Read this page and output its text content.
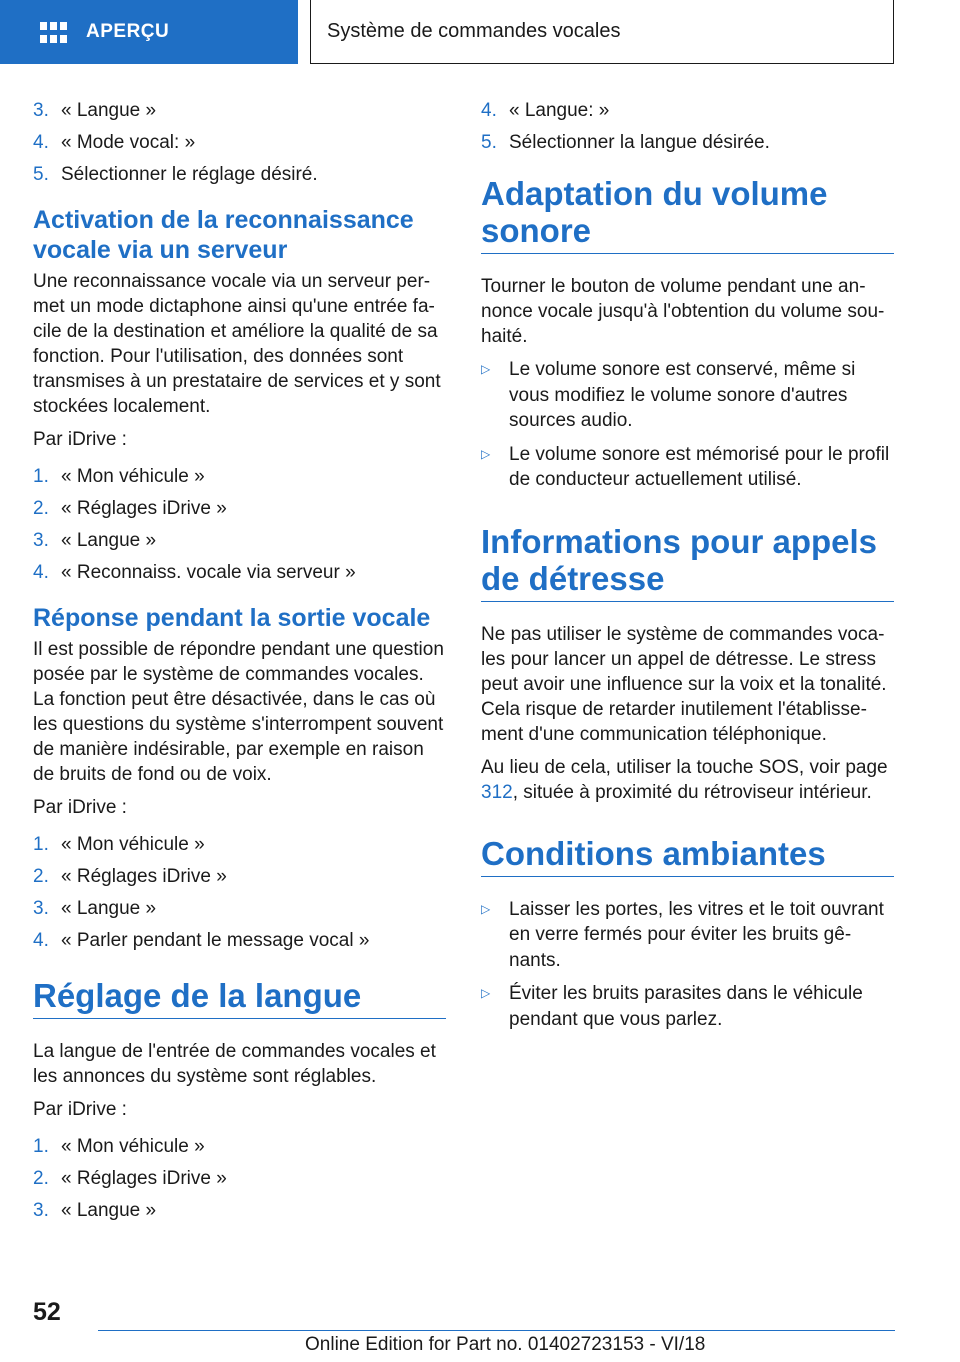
APERÇU	Système de commandes vocales
3. « Langue »
4. « Mode vocal: »
5. Sélectionner le réglage désiré.
Activation de la reconnaissance vocale via un serveur

Une reconnaissance vocale via un serveur permet un mode dictaphone ainsi qu'une entrée facile de la destination et améliore la qualité de sa fonction. Pour l'utilisation, des données sont transmises à un prestataire de services et y sont stockées localement.

Par iDrive :

1. « Mon véhicule »
2. « Réglages iDrive »
3. « Langue »
4. « Reconnaiss. vocale via serveur »
Réponse pendant la sortie vocale

Il est possible de répondre pendant une question posée par le système de commandes vocales. La fonction peut être désactivée, dans le cas où les questions du système s'interrompent souvent de manière indésirable, par exemple en raison de bruits de fond ou de voix.

Par iDrive :

1. « Mon véhicule »
2. « Réglages iDrive »
3. « Langue »
4. « Parler pendant le message vocal »
Réglage de la langue

La langue de l'entrée de commandes vocales et les annonces du système sont réglables.

Par iDrive :

1. « Mon véhicule »
2. « Réglages iDrive »
3. « Langue »
4. « Langue: »
5. Sélectionner la langue désirée.
Adaptation du volume sonore

Tourner le bouton de volume pendant une annonce vocale jusqu'à l'obtention du volume souhaité.

▷ Le volume sonore est conservé, même si vous modifiez le volume sonore d'autres sources audio.
▷ Le volume sonore est mémorisé pour le profil de conducteur actuellement utilisé.
Informations pour appels de détresse

Ne pas utiliser le système de commandes vocales pour lancer un appel de détresse. Le stress peut avoir une influence sur la voix et la tonalité. Cela risque de retarder inutilement l'établissement d'une communication téléphonique.

Au lieu de cela, utiliser la touche SOS, voir page 312, située à proximité du rétroviseur intérieur.

Conditions ambiantes
▷ Laisser les portes, les vitres et le toit ouvrant en verre fermés pour éviter les bruits gênants.
▷ Éviter les bruits parasites dans le véhicule pendant que vous parlez.
52
Online Edition for Part no. 01402723153 - VI/18
